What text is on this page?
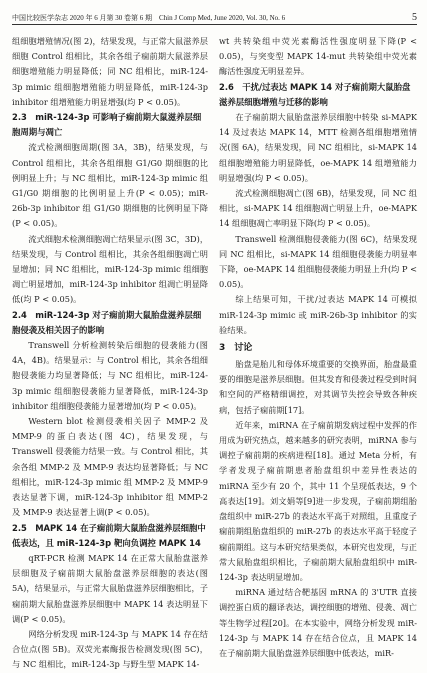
中国比较医学杂志 2020 年 6 月第 30 卷第 6 期　Chin J Comp Med, June 2020, Vol. 30, No. 6	5

组细胞增殖情况(图 2)，结果发现，与正常大鼠滋养层细胞 Control 组相比，其余各组子痫前期大鼠滋养层细胞增殖能力明显降低；同 NC 组相比，miR-124-3p mimic 组细胞增殖能力明显降低，miR-124-3p inhibitor 组增殖能力明显增强(均 P < 0.05)。

2.3　miR-124-3p 可影响子痫前期大鼠滋养层细胞周期与凋亡

流式检测细胞周期(图 3A，3B)，结果发现，与 Control 组相比，其余各组细胞 G1/G0 期细胞的比例明显上升；与 NC 组相比，miR-124-3p mimic 组 G1/G0 期细胞的比例明显上升(P < 0.05)；miR-26b-3p inhibitor 组 G1/G0 期细胞的比例明显下降(P < 0.05)。

流式细胞术检测细胞凋亡结果显示(图 3C，3D)，结果发现，与 Control 组相比，其余各组细胞凋亡明显增加；同 NC 组相比，miR-124-3p mimic 组细胞凋亡明显增加，miR-124-3p inhibitor 组凋亡明显降低(均 P < 0.05)。

2.4　miR-124-3p 对子痫前期大鼠胎盘滋养层细胞侵袭及相关因子的影响

Transwell 分析检测转染后细胞的侵袭能力(图 4A，4B)。结果显示：与 Control 相比，其余各组细胞侵袭能力均显著降低；与 NC 组相比，miR-124-3p mimic 组细胞侵袭能力显著降低，miR-124-3p inhibitor 组细胞侵袭能力显著增加(均 P < 0.05)。

Western blot 检测侵袭相关因子 MMP-2 及 MMP-9 的蛋白表达(图 4C)，结果发现，与 Transwell 侵袭能力结果一致。与 Control 相比，其余各组 MMP-2 及 MMP-9 表达均显著降低；与 NC 组相比，miR-124-3p mimic 组 MMP-2 及 MMP-9 表达显著下调，miR-124-3p inhibitor 组 MMP-2 及 MMP-9 表达显著上调(P < 0.05)。

2.5　MAPK 14 在子痫前期大鼠胎盘滋养层细胞中低表达，且 miR-124-3p 靶向负调控 MAPK 14

qRT-PCR 检测 MAPK 14 在正常大鼠胎盘滋养层细胞及子痫前期大鼠胎盘滋养层细胞的表达(图 5A)，结果显示，与正常大鼠胎盘滋养层细胞相比，子痫前期大鼠胎盘滋养层细胞中 MAPK 14 表达明显下调(P < 0.05)。

网络分析发现 miR-124-3p 与 MAPK 14 存在结合位点(图 5B)。双荧光素酶报告检测发现(图 5C)，与 NC 组相比，miR-124-3p 与野生型 MAPK 14-

wt 共转染组中荧光素酶活性强度明显下降(P < 0.05)，与突变型 MAPK 14-mut 共转染组中荧光素酶活性强度无明显差异。

2.6　干扰/过表达 MAPK 14 对子痫前期大鼠胎盘滋养层细胞增殖与迁移的影响

在子痫前期大鼠胎盘滋养层细胞中转染 si-MAPK 14 及过表达 MAPK 14，MTT 检测各组细胞增殖情况(图 6A)，结果发现，同 NC 组相比，si-MAPK 14 组细胞增殖能力明显降低，oe-MAPK 14 组增殖能力明显增强(均 P < 0.05)。

流式检测细胞凋亡(图 6B)，结果发现，同 NC 组相比，si-MAPK 14 组细胞凋亡明显上升，oe-MAPK 14 组细胞凋亡率明显下降(均 P < 0.05)。

Transwell 检测细胞侵袭能力(图 6C)，结果发现同 NC 组相比，si-MAPK 14 组细胞侵袭能力明显率下降，oe-MAPK 14 组细胞侵袭能力明显上升(均 P < 0.05)。

综上结果可知，干扰/过表达 MAPK 14 可模拟 miR-124-3p mimic 或 miR-26b-3p inhibitor 的实验结果。

3　讨论

胎盘是胎儿和母体环境重要的交换界面，胎盘最重要的细胞是滋养层细胞。但其发育和侵袭过程受到时间和空间的严格精细调控，对其调节失控会导致各种疾病，包括子痫前期[17]。

近年来，miRNA 在子痫前期发病过程中发挥的作用成为研究热点，越来越多的研究表明，miRNA 参与调控子痫前期的疾病进程[18]。通过 Meta 分析，有学者发现子痫前期患者胎盘组织中差异性表达的 miRNA 至少有 20 个，其中 11 个呈现低表达，9 个高表达[19]。刘文娟等[9]进一步发现，子痫前期组胎盘组织中 miR-27b 的表达水平高于对照组，且重度子痫前期组胎盘组织的 miR-27b 的表达水平高于轻度子痫前期组。这与本研究结果类似，本研究也发现，与正常大鼠胎盘组织相比，子痫前期大鼠胎盘组织中 miR-124-3p 表达明显增加。

miRNA 通过结合靶基因 mRNA 的 3'UTR 直接调控蛋白质的翻译表达，调控细胞的增殖、侵袭、凋亡等生物学过程[20]。在本实验中，网络分析发现 miR-124-3p 与 MAPK 14 存在结合位点，且 MAPK 14 在子痫前期大鼠胎盘滋养层细胞中低表达，miR-
